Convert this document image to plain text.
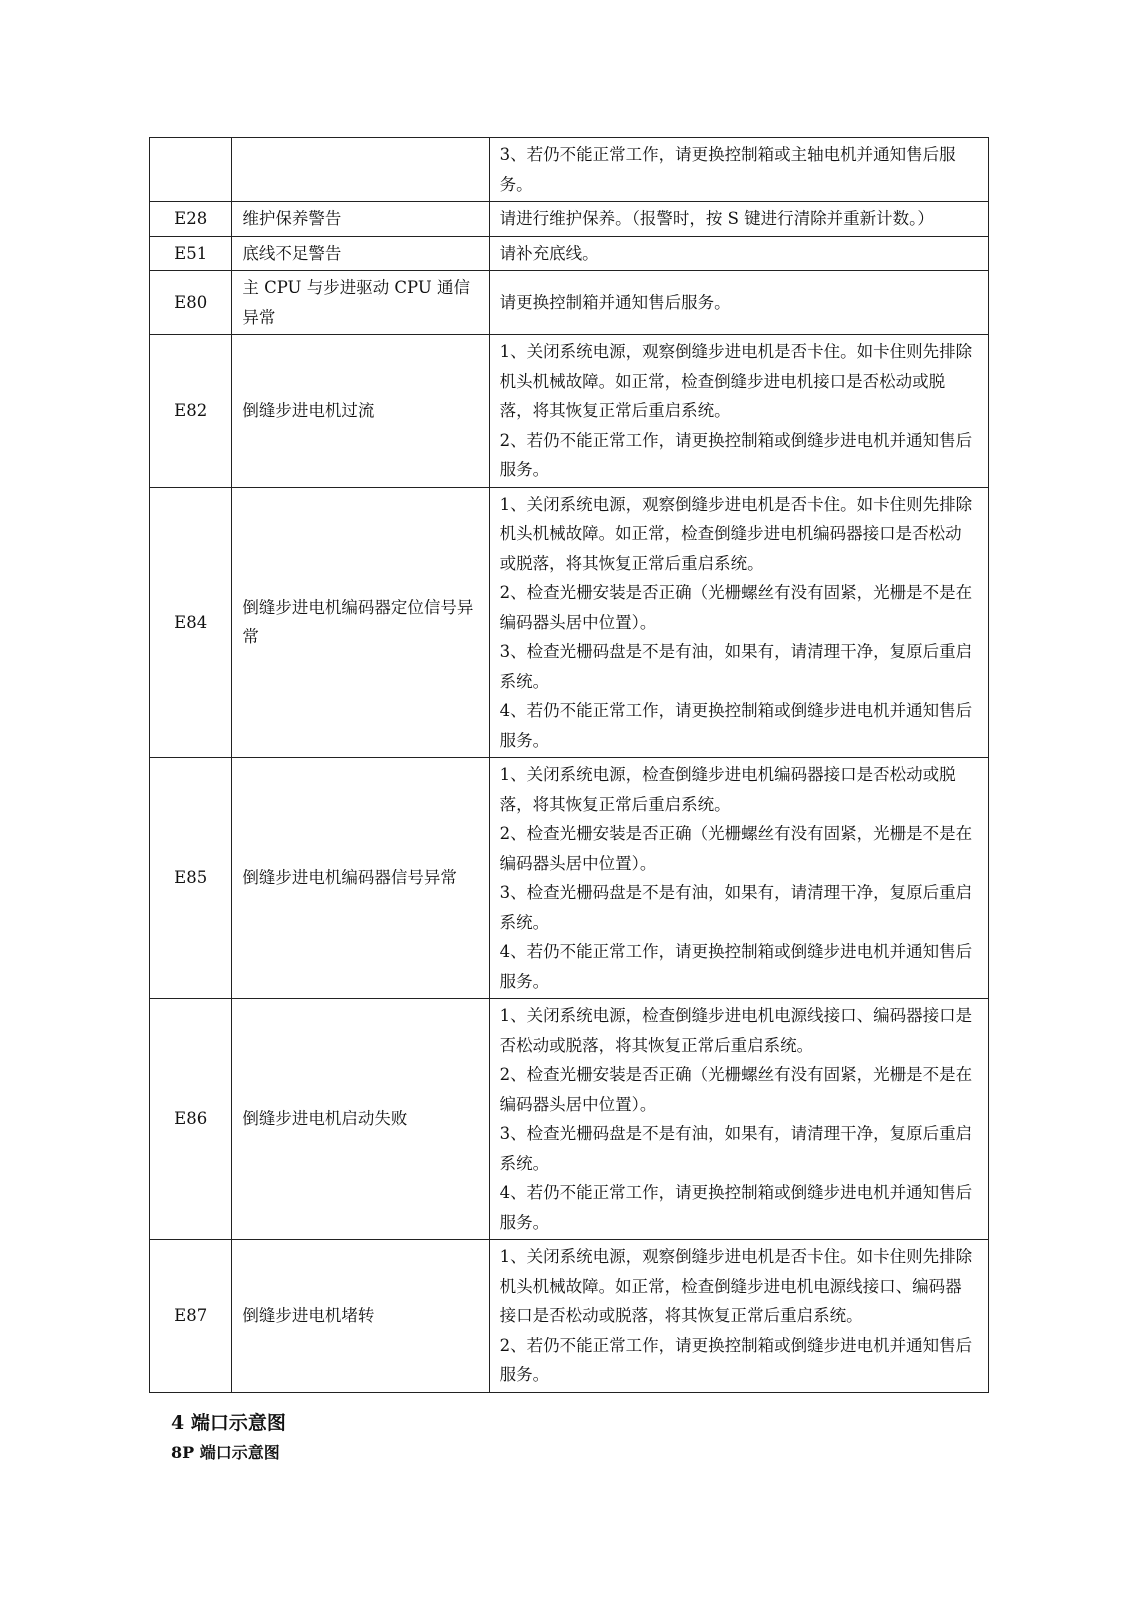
		3、若仍不能正常工作，请更换控制箱或主轴电机并通知售后服务。

E28	维护保养警告	请进行维护保养。（报警时，按 S 键进行清除并重新计数。）

E51	底线不足警告	请补充底线。

E80	主 CPU 与步进驱动 CPU 通信异常	请更换控制箱并通知售后服务。

E82	倒缝步进电机过流	1、关闭系统电源，观察倒缝步进电机是否卡住。如卡住则先排除机头机械故障。如正常，检查倒缝步进电机接口是否松动或脱落，将其恢复正常后重启系统。
2、若仍不能正常工作，请更换控制箱或倒缝步进电机并通知售后服务。

E84	倒缝步进电机编码器定位信号异常	1、关闭系统电源，观察倒缝步进电机是否卡住。如卡住则先排除机头机械故障。如正常，检查倒缝步进电机编码器接口是否松动或脱落，将其恢复正常后重启系统。
2、检查光栅安装是否正确（光栅螺丝有没有固紧，光栅是不是在编码器头居中位置）。
3、检查光栅码盘是不是有油，如果有，请清理干净，复原后重启系统。
4、若仍不能正常工作，请更换控制箱或倒缝步进电机并通知售后服务。

E85	倒缝步进电机编码器信号异常	1、关闭系统电源，检查倒缝步进电机编码器接口是否松动或脱落，将其恢复正常后重启系统。
2、检查光栅安装是否正确（光栅螺丝有没有固紧，光栅是不是在编码器头居中位置）。
3、检查光栅码盘是不是有油，如果有，请清理干净，复原后重启系统。
4、若仍不能正常工作，请更换控制箱或倒缝步进电机并通知售后服务。

E86	倒缝步进电机启动失败	1、关闭系统电源，检查倒缝步进电机电源线接口、编码器接口是否松动或脱落，将其恢复正常后重启系统。
2、检查光栅安装是否正确（光栅螺丝有没有固紧，光栅是不是在编码器头居中位置）。
3、检查光栅码盘是不是有油，如果有，请清理干净，复原后重启系统。
4、若仍不能正常工作，请更换控制箱或倒缝步进电机并通知售后服务。

E87	倒缝步进电机堵转	1、关闭系统电源，观察倒缝步进电机是否卡住。如卡住则先排除机头机械故障。如正常，检查倒缝步进电机电源线接口、编码器接口是否松动或脱落，将其恢复正常后重启系统。
2、若仍不能正常工作，请更换控制箱或倒缝步进电机并通知售后服务。
4 端口示意图
8P 端口示意图
